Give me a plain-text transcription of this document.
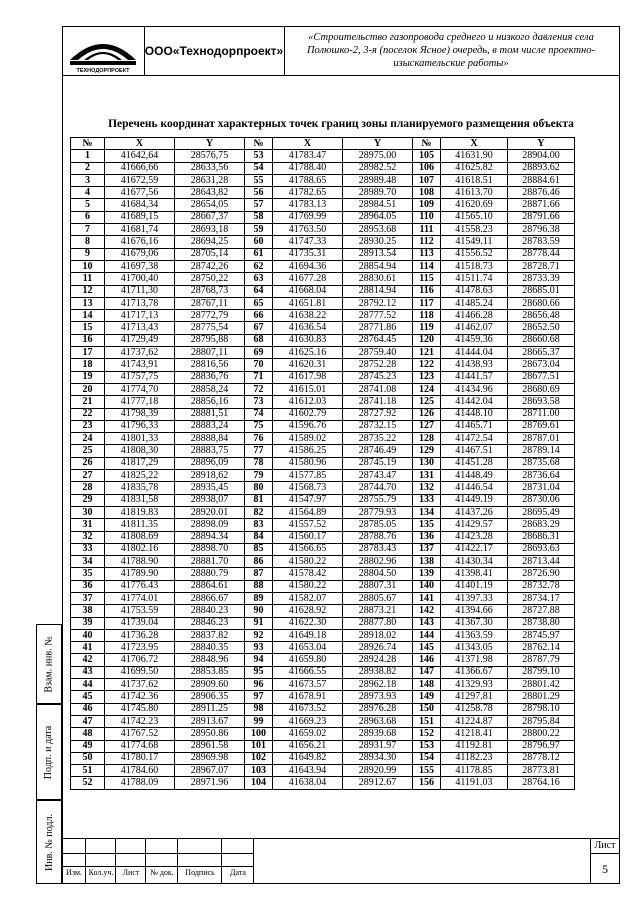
ТЕХНОДОРПРОЕКТ
ООО«Технодорпроект»
«Строительство газопровода среднего и низкого давления села Полюшко-2, 3-я (поселок Ясное) очередь, в том числе проектно-изыскательские работы»
Перечень координат характерных точек границ зоны планируемого размещения объекта
№	X	Y	№	X	Y	№	X	Y
1	41642,64	28576,75	53	41783.47	28975.00	105	41631.90	28904.00
2	41666,66	28633,56	54	41788.40	28982.52	106	41625.82	28893.62
3	41672,59	28631,28	55	41788.65	28989.48	107	41618.51	28884.61
4	41677,56	28643,82	56	41782.65	28989.70	108	41613.70	28876.46
5	41684,34	28654,05	57	41783.13	28984.51	109	41620.69	28871.66
6	41689,15	28667,37	58	41769.99	28964.05	110	41565.10	28791.66
7	41681,74	28693,18	59	41763.50	28953.68	111	41558.23	28796.38
8	41676,16	28694,25	60	41747.33	28930.25	112	41549.11	28783.59
9	41679,06	28705,14	61	41735.31	28913.54	113	41556.52	28778.44
10	41697,38	28742,26	62	41694.36	28854.94	114	41518.73	28728.71
11	41700,40	28750,22	63	41677.28	28830.61	115	41511.74	28733.39
12	41711,30	28768,73	64	41668.04	28814.94	116	41478.63	28685.01
13	41713,78	28767,11	65	41651.81	28792.12	117	41485.24	28680.66
14	41717,13	28772,79	66	41638.22	28777.52	118	41466.28	28656.48
15	41713,43	28775,54	67	41636.54	28771.86	119	41462.07	28652.50
16	41729,49	28795,88	68	41630.83	28764.45	120	41459.36	28660.68
17	41737,62	28807,11	69	41625.16	28759.40	121	41444.04	28665.37
18	41743,91	28816,56	70	41620.31	28752.28	122	41438.93	28673.04
19	41757,75	28836,76	71	41617.98	28745.23	123	41441.57	28677.51
20	41774,70	28858,24	72	41615.01	28741.08	124	41434.96	28680.69
21	41777,18	28856,16	73	41612.03	28741.18	125	41442.04	28693.58
22	41798,39	28881,51	74	41602.79	28727.92	126	41448.10	28711.00
23	41796,33	28883,24	75	41596.76	28732.15	127	41465.71	28769.61
24	41801,33	28888,84	76	41589.02	28735.22	128	41472.54	28787.01
25	41808,30	28883,75	77	41586.25	28746.49	129	41467.51	28789.14
26	41817,29	28896,09	78	41580.96	28745.19	130	41451.28	28735.68
27	41825,22	28918,62	79	41577.85	28743.47	131	41448.49	28736.64
28	41835,78	28935,45	80	41568.73	28744.70	132	41446.54	28731.04
29	41831,58	28938,07	81	41547.97	28755.79	133	41449.19	28730.06
30	41819.83	28920.01	82	41564.89	28779.93	134	41437.26	28695.49
31	41811.35	28898.09	83	41557.52	28785.05	135	41429.57	28683.29
32	41808.69	28894.34	84	41560.17	28788.76	136	41423.28	28686.31
33	41802.16	28898.70	85	41566.65	28783.43	137	41422.17	28693.63
34	41788.90	28881.70	86	41580.22	28802.96	138	41430.34	28713.44
35	41789.90	28880.79	87	41578.42	28804.50	139	41398.41	28726.90
36	41776.43	28864.61	88	41580.22	28807.31	140	41401.19	28732.78
37	41774.01	28866.67	89	41582.07	28805.67	141	41397.33	28734.17
38	41753.59	28840.23	90	41628.92	28873.21	142	41394.66	28727.88
39	41739.04	28846.23	91	41622.30	28877.80	143	41367.30	28738.80
40	41736.28	28837.82	92	41649.18	28918.02	144	41363.59	28745.97
41	41723.95	28840.35	93	41653.04	28926.74	145	41343.05	28762.14
42	41706.72	28848.96	94	41659.80	28924.28	146	41371.98	28787.79
43	41699.50	28853.85	95	41666.55	28938.82	147	41366.67	28799.10
44	41737.62	28909.60	96	41673.57	28962.18	148	41329.93	28801.42
45	41742.36	28906.35	97	41678.91	28973.93	149	41297.81	28801.29
46	41745.80	28911.25	98	41673.52	28976.28	150	41258.78	28798.10
47	41742.23	28913.67	99	41669.23	28963.68	151	41224.87	28795.84
48	41767.52	28950.86	100	41659.02	28939.68	152	41218.41	28800.22
49	41774.68	28961.58	101	41656.21	28931.97	153	41192.81	28796.97
50	41780.17	28969.98	102	41649.82	28934.30	154	41182.23	28778.12
51	41784.60	28967.07	103	41643.94	28920.99	155	41178.85	28773.81
52	41788.09	28971.96	104	41638.04	28912.67	156	41191.03	28764.16
Взам. инв. №
Подп. и дата
Инв. № подл.
Изм. Кол.уч.	Лист	№ док.	Подпись	Дата
Лист
5
